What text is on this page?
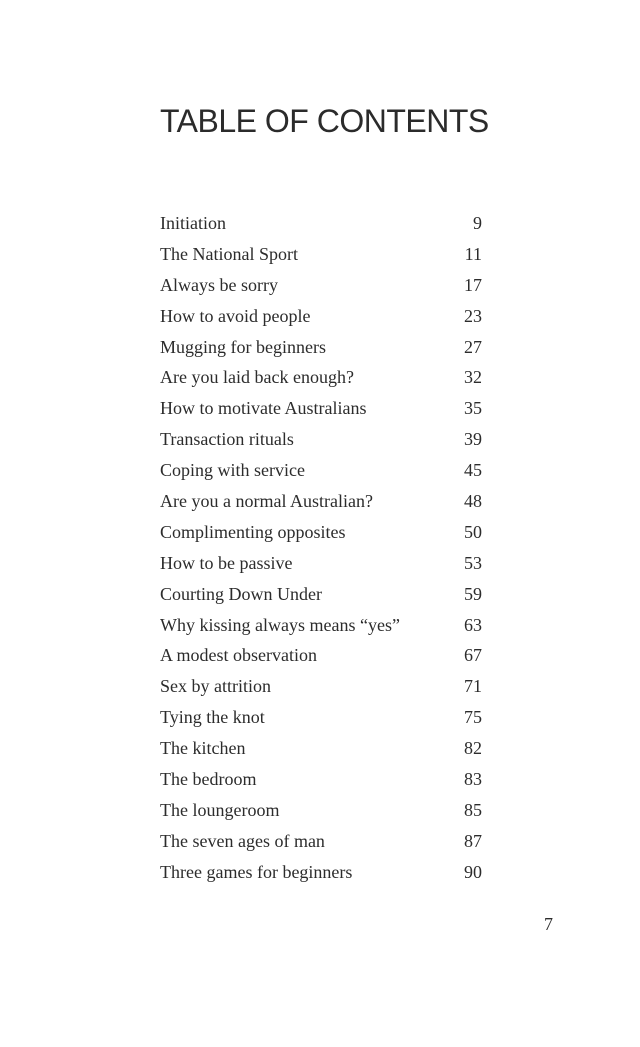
TABLE OF CONTENTS
Initiation	9
The National Sport	11
Always be sorry	17
How to avoid people	23
Mugging for beginners	27
Are you laid back enough?	32
How to motivate Australians	35
Transaction rituals	39
Coping with service	45
Are you a normal Australian?	48
Complimenting opposites	50
How to be passive	53
Courting Down Under	59
Why kissing always means “yes”	63
A modest observation	67
Sex by attrition	71
Tying the knot	75
The kitchen	82
The bedroom	83
The loungeroom	85
The seven ages of man	87
Three games for beginners	90
7
